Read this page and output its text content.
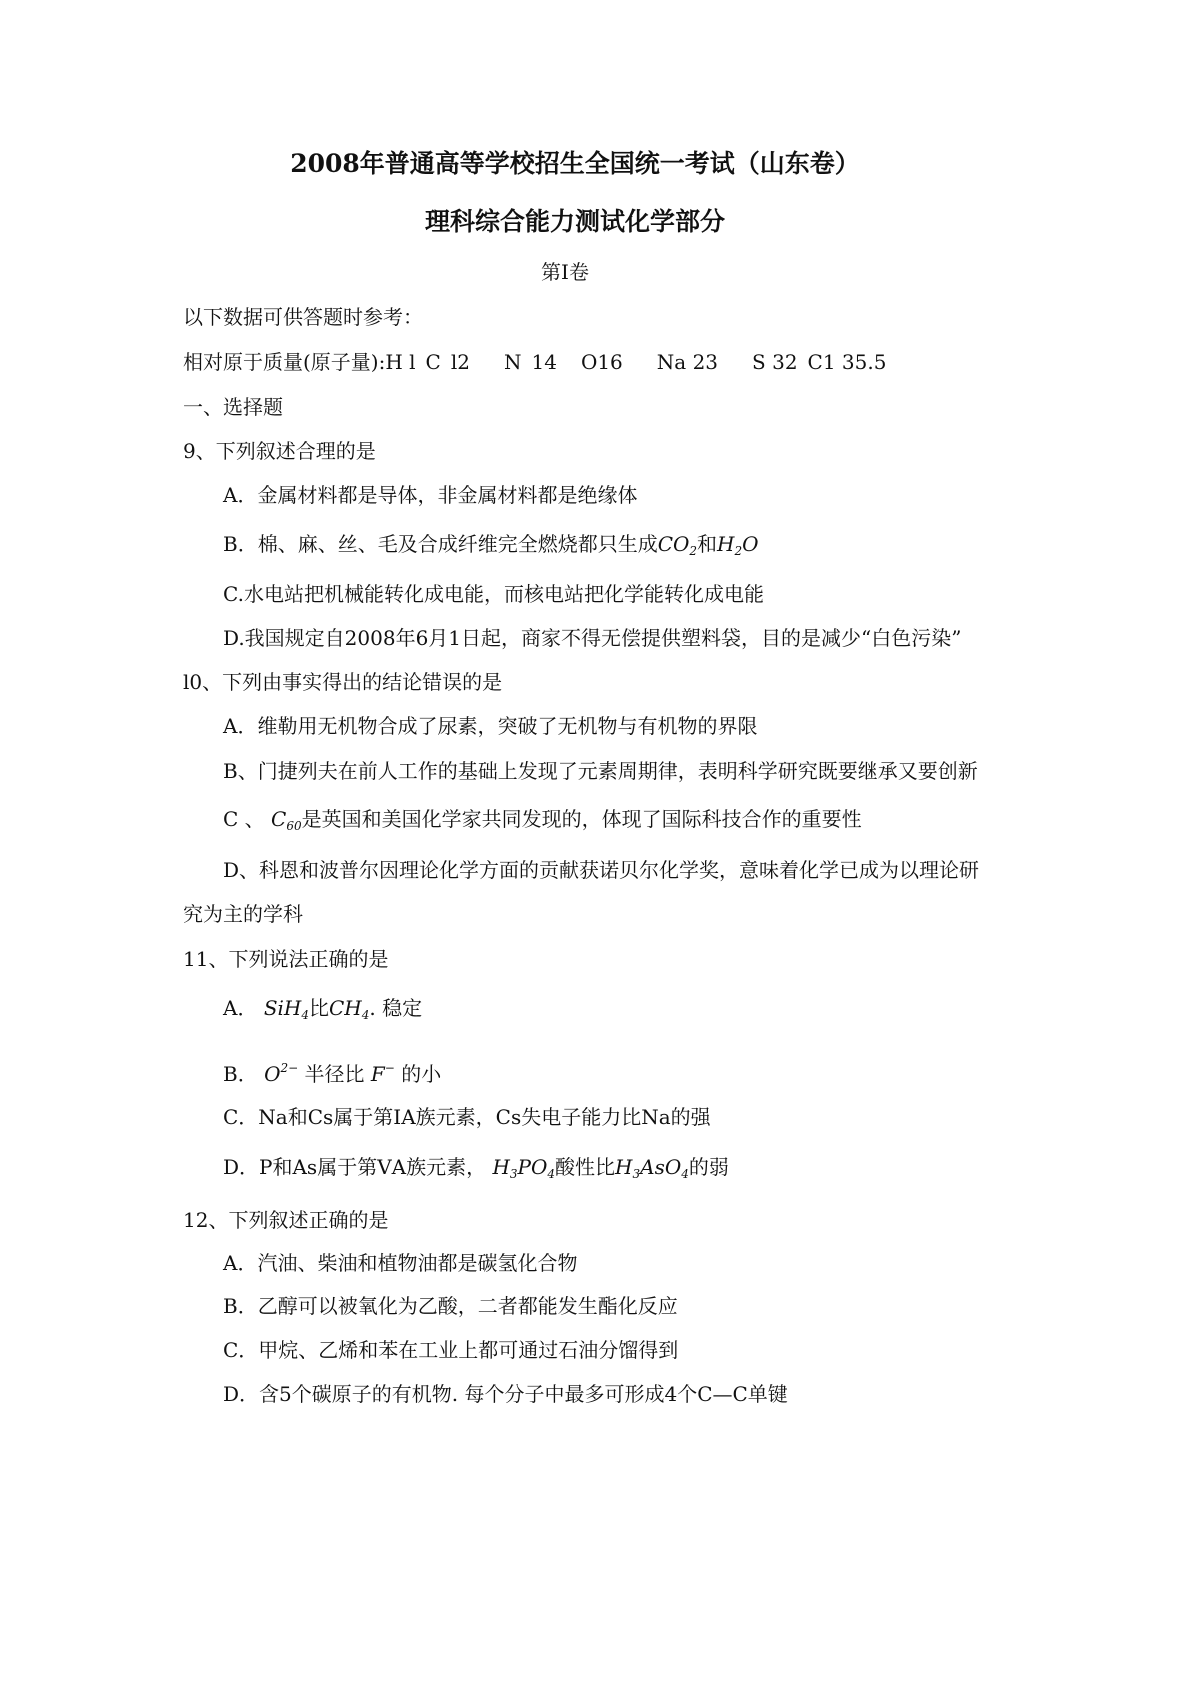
2008年普通高等学校招生全国统一考试（山东卷）
理科综合能力测试化学部分
第Ⅰ卷
以下数据可供答题时参考：
相对原于质量(原子量):H l C l2 N 14 O16 Na 23 S 32 C1 35.5
一、选择题
9、下列叙述合理的是
A．金属材料都是导体，非金属材料都是绝缘体
B．棉、麻、丝、毛及合成纤维完全燃烧都只生成$CO_2$和$H_2O$
C.水电站把机械能转化成电能，而核电站把化学能转化成电能
D.我国规定自2008年6月1日起，商家不得无偿提供塑料袋，目的是减少“白色污染”
l0、下列由事实得出的结论错误的是
A．维勒用无机物合成了尿素，突破了无机物与有机物的界限
B、门捷列夫在前人工作的基础上发现了元素周期律，表明科学研究既要继承又要创新
C 、 $C_{60}$是英国和美国化学家共同发现的，体现了国际科技合作的重要性
D、科恩和波普尔因理论化学方面的贡献获诺贝尔化学奖，意味着化学已成为以理论研
究为主的学科
11、下列说法正确的是
A． SiH$_4$比$CH_4$. 稳定
B． $O^{2-}$ 半径比 F− 的小
C．Na和Cs属于第ⅠA族元素，Cs失电子能力比Na的强
D．P和As属于第ⅤA族元素， $H_3PO_4$酸性比$H_3AsO_4$的弱
12、下列叙述正确的是
A．汽油、柴油和植物油都是碳氢化合物
B．乙醇可以被氧化为乙酸，二者都能发生酯化反应
C．甲烷、乙烯和苯在工业上都可通过石油分馏得到
D．含5个碳原子的有机物. 每个分子中最多可形成4个C—C单键
